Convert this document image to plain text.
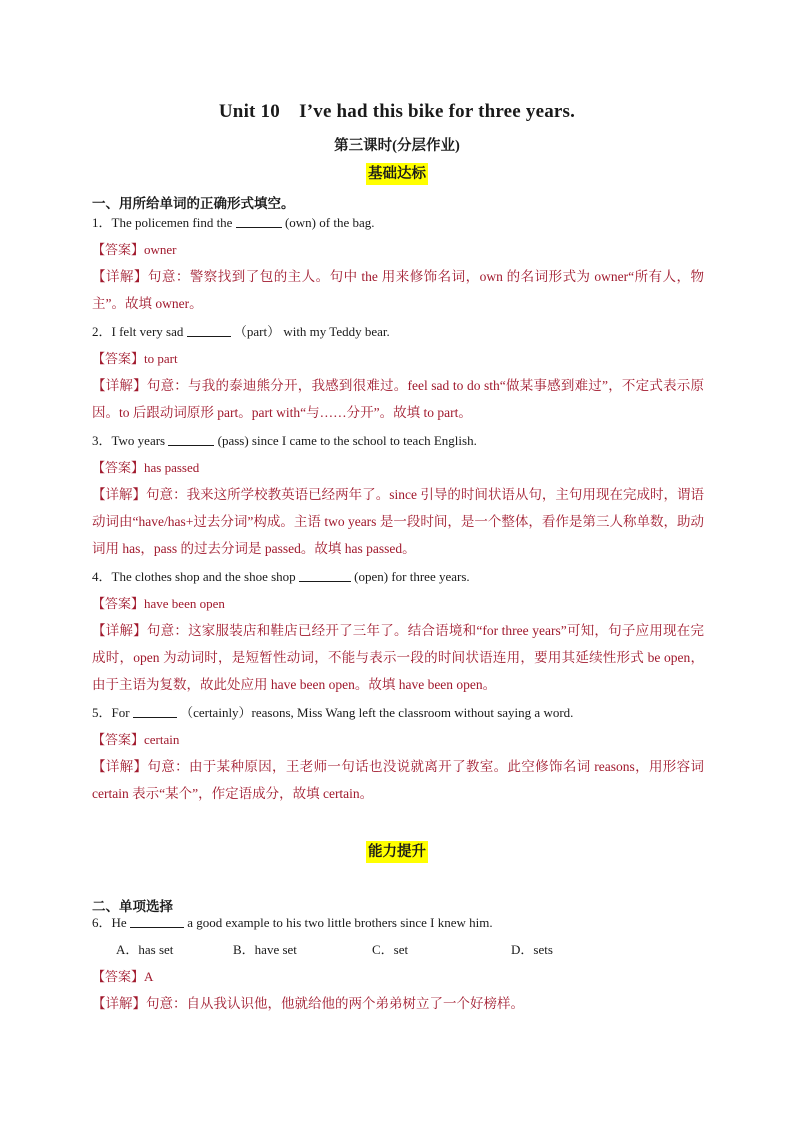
Unit 10　I’ve had this bike for three years.
第三课时(分层作业)
基础达标
一、用所给单词的正确形式填空。
1．The policemen find the	(own) of the bag.
【答案】owner
【详解】句意：警察找到了包的主人。句中 the 用来修饰名词，own 的名词形式为 owner“所有人，物主”。故填 owner。
2．I felt very sad	（part） with my Teddy bear.
【答案】to part
【详解】句意：与我的泰迪熊分开，我感到很难过。feel sad to do sth“做某事感到难过”，不定式表示原因。to 后跟动词原形 part。part with“与……分开”。故填 to part。
3．Two years	(pass) since I came to the school to teach English.
【答案】has passed
【详解】句意：我来这所学校教英语已经两年了。since 引导的时间状语从句，主句用现在完成时，谓语动词由“have/has+过去分词”构成。主语 two years 是一段时间，是一个整体，看作是第三人称单数，助动词用 has，pass 的过去分词是 passed。故填 has passed。
4．The clothes shop and the shoe shop	(open) for three years.
【答案】have been open
【详解】句意：这家服装店和鞋店已经开了三年了。结合语境和“for three years”可知，句子应用现在完成时，open 为动词时，是短暂性动词，不能与表示一段的时间状语连用，要用其延续性形式 be open，由于主语为复数，故此处应用 have been open。故填 have been open。
5．For	（certainly）reasons, Miss Wang left the classroom without saying a word.
【答案】certain
【详解】句意：由于某种原因，王老师一句话也没说就离开了教室。此空修饰名词 reasons，用形容词 certain 表示“某个”，作定语成分，故填 certain。
能力提升
二、单项选择
6．He	a good example to his two little brothers since I knew him.
A．has set	B．have set	C．set	D．sets
【答案】A
【详解】句意：自从我认识他，他就给他的两个弟弟树立了一个好榜样。
